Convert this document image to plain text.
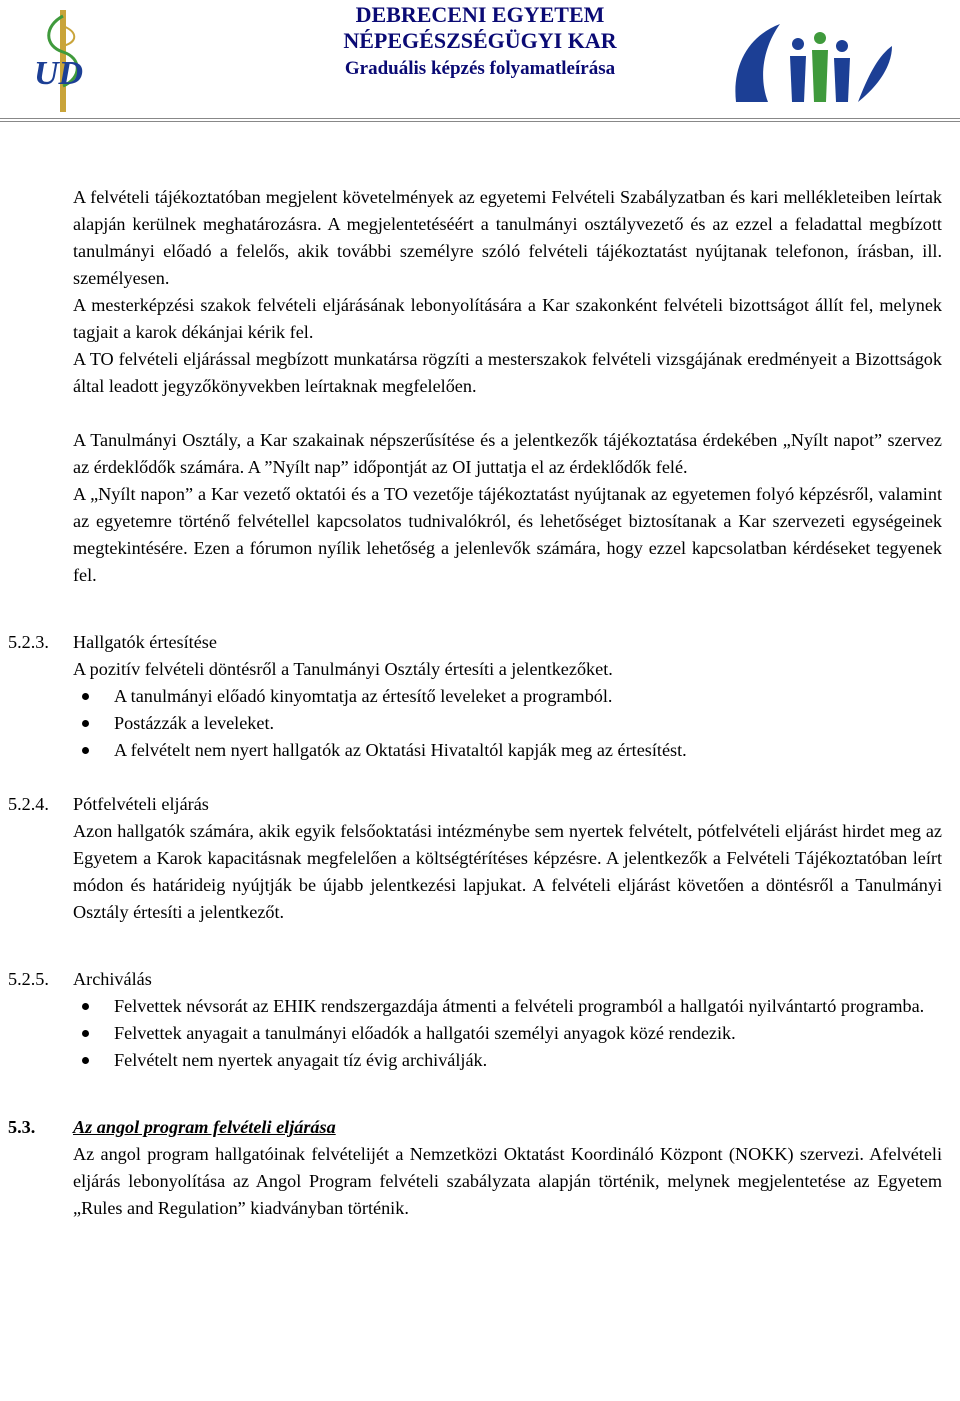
UD
DEBRECENI EGYETEM
NÉPEGÉSZSÉGÜGYI KAR
Graduális képzés folyamatleírása

A felvételi tájékoztatóban megjelent követelmények az egyetemi Felvételi Szabályzatban és kari mellékleteiben leírtak alapján kerülnek meghatározásra. A megjelentetéséért a tanulmányi osztályvezető és az ezzel a feladattal megbízott tanulmányi előadó a felelős, akik további személyre szóló felvételi tájékoztatást nyújtanak telefonon, írásban, ill. személyesen.

A mesterképzési szakok felvételi eljárásának lebonyolítására a Kar szakonként felvételi bizottságot állít fel, melynek tagjait a karok dékánjai kérik fel.

A TO felvételi eljárással megbízott munkatársa rögzíti a mesterszakok felvételi vizsgájának eredményeit a Bizottságok által leadott jegyzőkönyvekben leírtaknak megfelelően.

A Tanulmányi Osztály, a Kar szakainak népszerűsítése és a jelentkezők tájékoztatása érdekében „Nyílt napot” szervez az érdeklődők számára. A ”Nyílt nap” időpontját az OI juttatja el az érdeklődők felé.

A „Nyílt napon” a Kar vezető oktatói és a TO vezetője tájékoztatást nyújtanak az egyetemen folyó képzésről, valamint az egyetemre történő felvétellel kapcsolatos tudnivalókról, és lehetőséget biztosítanak a Kar szervezeti egységeinek megtekintésére. Ezen a fórumon nyílik lehetőség a jelenlevők számára, hogy ezzel kapcsolatban kérdéseket tegyenek fel.

5.2.3.	Hallgatók értesítése

A pozitív felvételi döntésről a Tanulmányi Osztály értesíti a jelentkezőket.

A tanulmányi előadó kinyomtatja az értesítő leveleket a programból.
Postázzák a leveleket.
A felvételt nem nyert hallgatók az Oktatási Hivataltól kapják meg az értesítést.
5.2.4.	Pótfelvételi eljárás

Azon hallgatók számára, akik egyik felsőoktatási intézménybe sem nyertek felvételt, pótfelvételi eljárást hirdet meg az Egyetem a Karok kapacitásnak megfelelően a költségtérítéses képzésre. A jelentkezők a Felvételi Tájékoztatóban leírt módon és határideig nyújtják be újabb jelentkezési lapjukat. A felvételi eljárást követően a döntésről a Tanulmányi Osztály értesíti a jelentkezőt.

5.2.5.	Archiválás
Felvettek névsorát az EHIK rendszergazdája átmenti a felvételi programból a hallgatói nyilvántartó programba.
Felvettek anyagait a tanulmányi előadók a hallgatói személyi anyagok közé rendezik.
Felvételt nem nyertek anyagait tíz évig archiválják.
5.3.	Az angol program felvételi eljárása

Az angol program hallgatóinak felvételijét a Nemzetközi Oktatást Koordináló Központ (NOKK) szervezi. Afelvételi eljárás lebonyolítása az Angol Program felvételi szabályzata alapján történik, melynek megjelentetése az Egyetem „Rules and Regulation” kiadványban történik.
